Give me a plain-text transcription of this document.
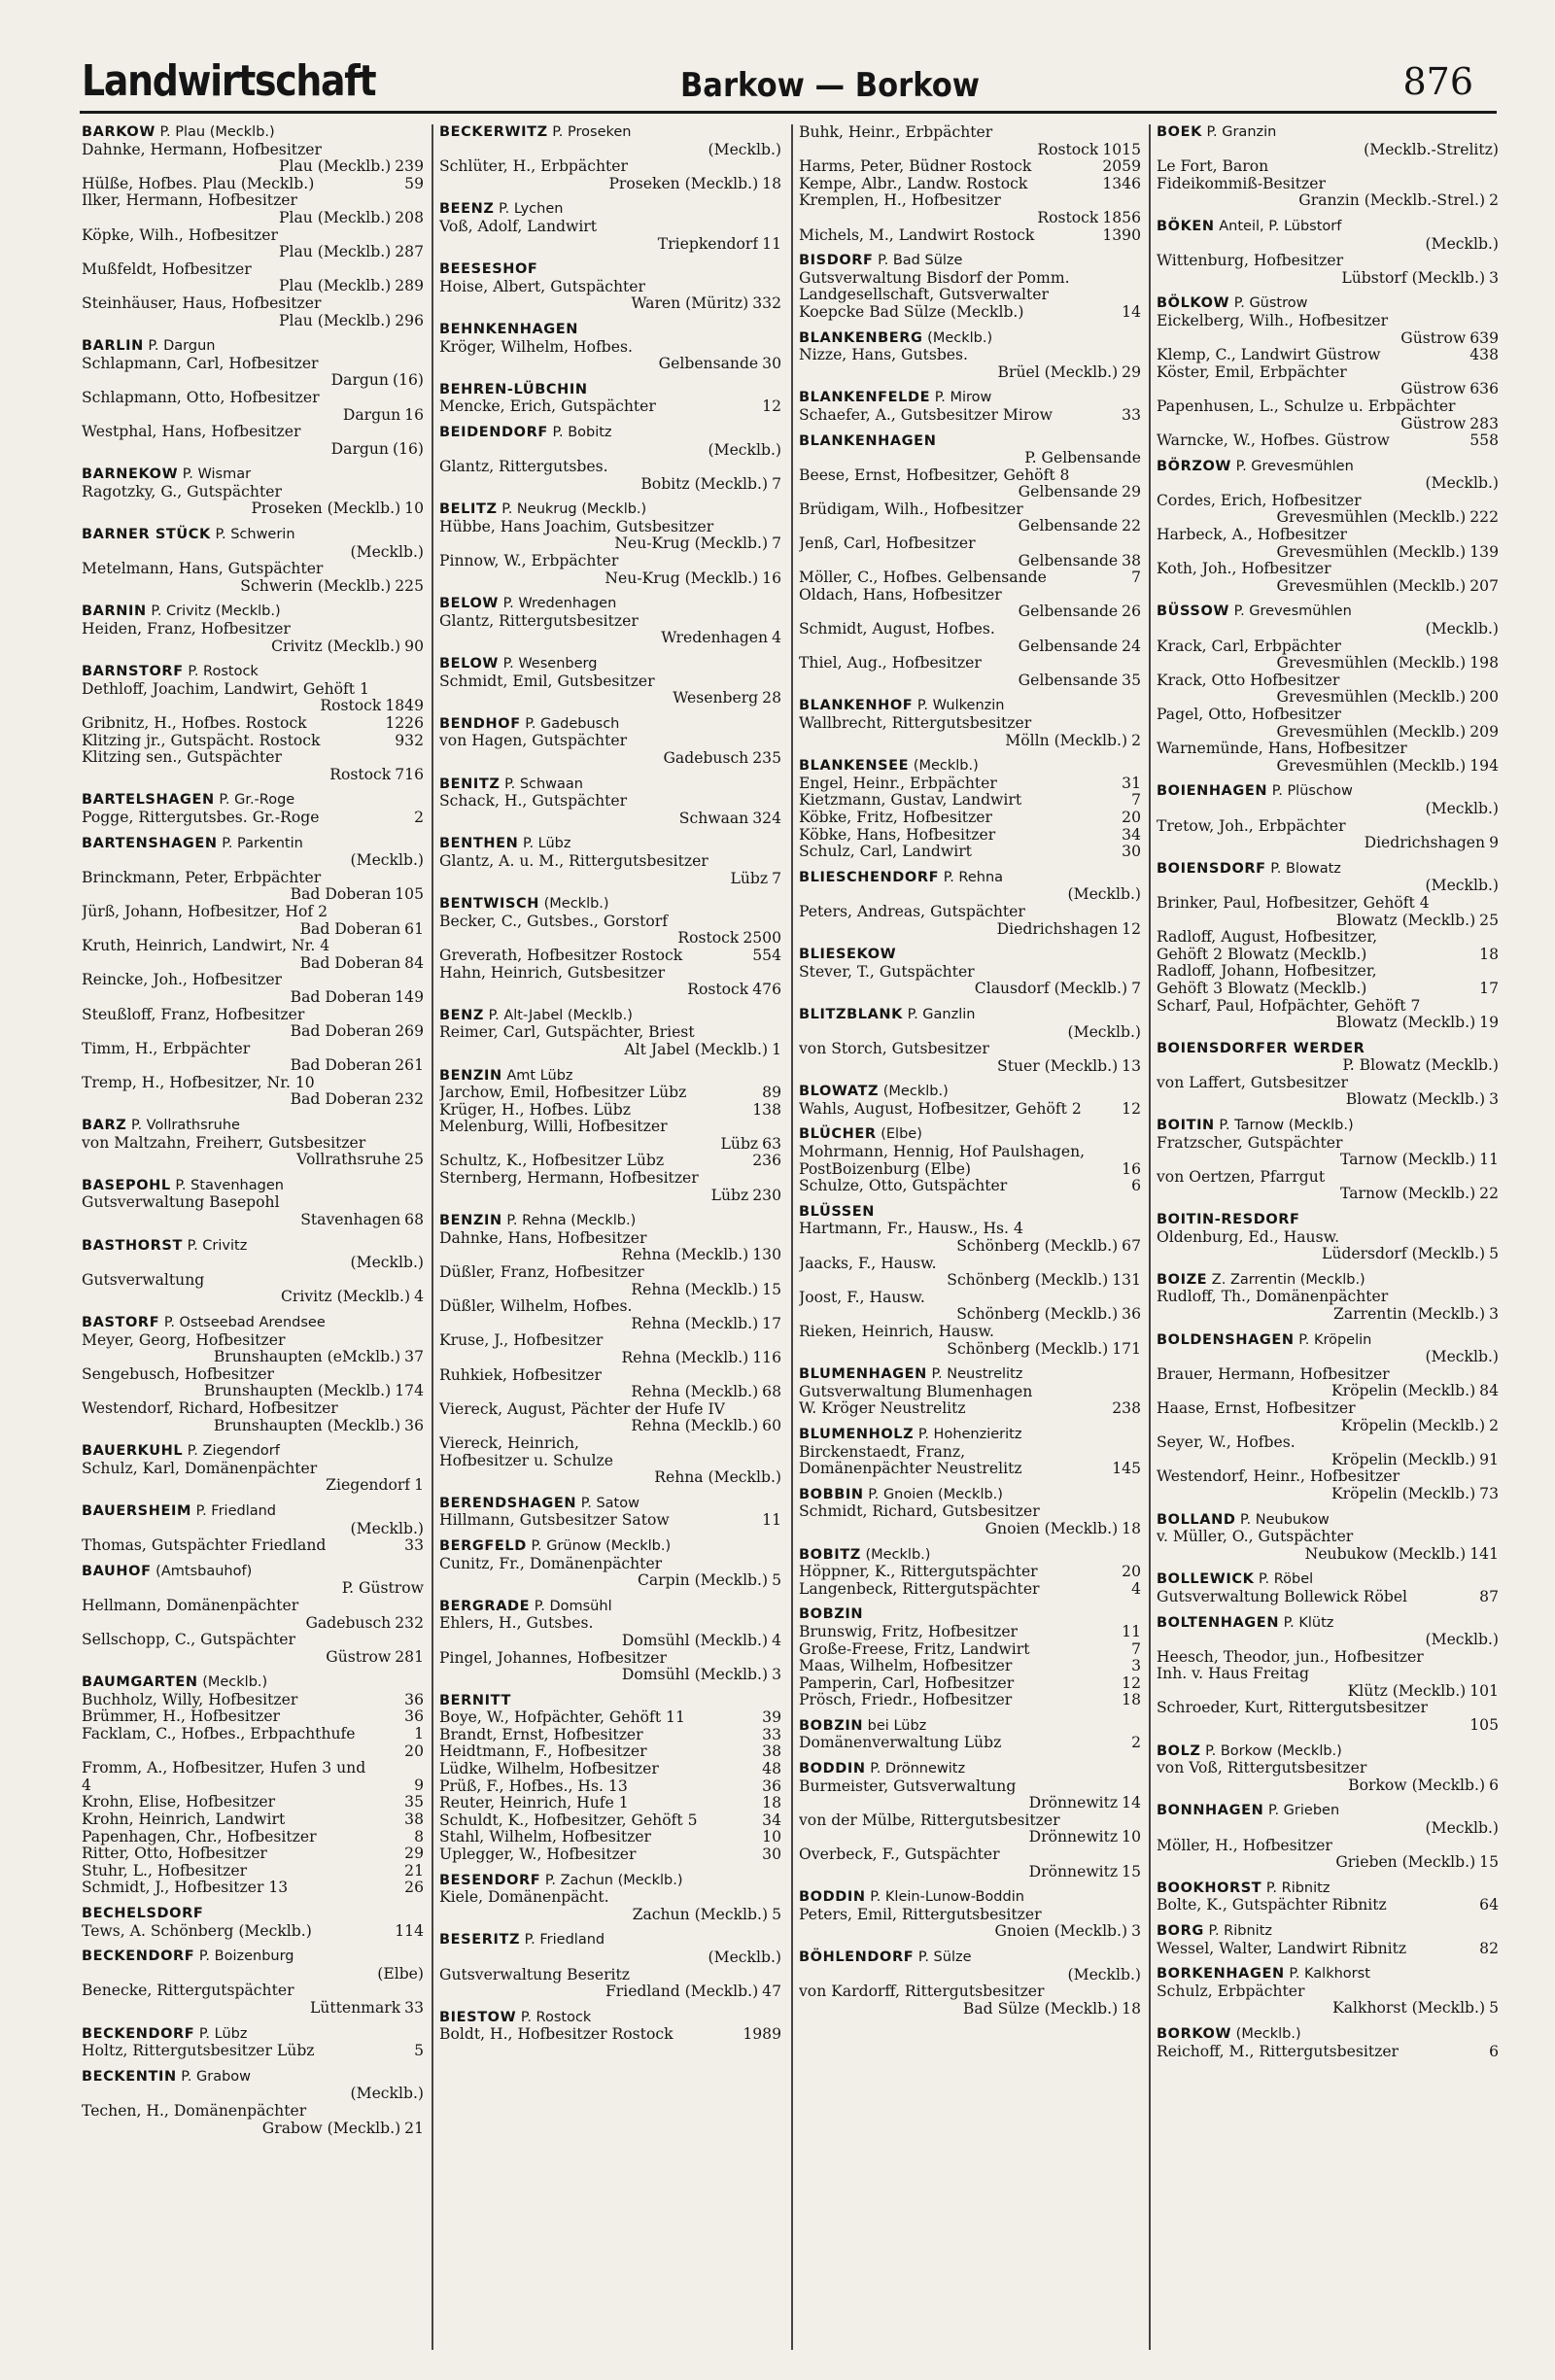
Landwirtschaft	Barkow — Borkow	876
BARKOW P. Plau (Mecklb.)
Dahnke, Hermann, Hofbesitzer
Plau (Mecklb.) 239
Hülße, Hofbes. Plau (Mecklb.)	59
Ilker, Hermann, Hofbesitzer
Plau (Mecklb.) 208
Köpke, Wilh., Hofbesitzer
Plau (Mecklb.) 287
Mußfeldt, Hofbesitzer
Plau (Mecklb.) 289
Steinhäuser, Haus, Hofbesitzer
Plau (Mecklb.) 296
BARLIN P. Dargun
Schlapmann, Carl, Hofbesitzer
Dargun (16)
Schlapmann, Otto, Hofbesitzer
Dargun 16
Westphal, Hans, Hofbesitzer
Dargun (16)
BARNEKOW P. Wismar
Ragotzky, G., Gutspächter
Proseken (Mecklb.) 10
BARNER STÜCK P. Schwerin
(Mecklb.)
Metelmann, Hans, Gutspächter
Schwerin (Mecklb.) 225
BARNIN P. Crivitz (Mecklb.)
Heiden, Franz, Hofbesitzer
Crivitz (Mecklb.) 90
BARNSTORF P. Rostock
Dethloff, Joachim, Landwirt, Gehöft 1
Rostock 1849
Gribnitz, H., Hofbes. Rostock	1226
Klitzing jr., Gutspächt. Rostock	932
Klitzing sen., Gutspächter
Rostock 716
BARTELSHAGEN P. Gr.-Roge
Pogge, Rittergutsbes. Gr.-Roge	2
BARTENSHAGEN P. Parkentin
(Mecklb.)
Brinckmann, Peter, Erbpächter
Bad Doberan 105
Jürß, Johann, Hofbesitzer, Hof 2
Bad Doberan 61
Kruth, Heinrich, Landwirt, Nr. 4
Bad Doberan 84
Reincke, Joh., Hofbesitzer
Bad Doberan 149
Steußloff, Franz, Hofbesitzer
Bad Doberan 269
Timm, H., Erbpächter
Bad Doberan 261
Tremp, H., Hofbesitzer, Nr. 10
Bad Doberan 232
BARZ P. Vollrathsruhe
von Maltzahn, Freiherr, Gutsbesitzer
Vollrathsruhe 25
BASEPOHL P. Stavenhagen
Gutsverwaltung Basepohl
Stavenhagen 68
BASTHORST P. Crivitz
(Mecklb.)
Gutsverwaltung
Crivitz (Mecklb.) 4
BASTORF P. Ostseebad Arendsee
Meyer, Georg, Hofbesitzer
Brunshaupten (eMcklb.) 37
Sengebusch, Hofbesitzer
Brunshaupten (Mecklb.) 174
Westendorf, Richard, Hofbesitzer
Brunshaupten (Mecklb.) 36
BAUERKUHL P. Ziegendorf
Schulz, Karl, Domänenpächter
Ziegendorf 1
BAUERSHEIM P. Friedland
(Mecklb.)
Thomas, Gutspächter Friedland	33
BAUHOF (Amtsbauhof)
P. Güstrow
Hellmann, Domänenpächter
Gadebusch 232
Sellschopp, C., Gutspächter
Güstrow 281
BAUMGARTEN (Mecklb.)
Buchholz, Willy, Hofbesitzer	36
Brümmer, H., Hofbesitzer	36
Facklam, C., Hofbes., Erbpachthufe	1
20
Fromm, A., Hofbesitzer, Hufen 3 und
4	9
Krohn, Elise, Hofbesitzer	35
Krohn, Heinrich, Landwirt	38
Papenhagen, Chr., Hofbesitzer	8
Ritter, Otto, Hofbesitzer	29
Stuhr, L., Hofbesitzer	21
Schmidt, J., Hofbesitzer 13	26
BECHELSDORF
Tews, A. Schönberg (Mecklb.)	114
BECKENDORF P. Boizenburg
(Elbe)
Benecke, Rittergutspächter
Lüttenmark 33
BECKENDORF P. Lübz
Holtz, Rittergutsbesitzer Lübz	5
BECKENTIN P. Grabow
(Mecklb.)
Techen, H., Domänenpächter
Grabow (Mecklb.) 21
BECKERWITZ P. Proseken
(Mecklb.)
Schlüter, H., Erbpächter
Proseken (Mecklb.) 18
BEENZ P. Lychen
Voß, Adolf, Landwirt
Triepkendorf 11
BEESESHOF
Hoise, Albert, Gutspächter
Waren (Müritz) 332
BEHNKENHAGEN
Kröger, Wilhelm, Hofbes.
Gelbensande 30
BEHREN-LÜBCHIN
Mencke, Erich, Gutspächter	12
BEIDENDORF P. Bobitz
(Mecklb.)
Glantz, Rittergutsbes.
Bobitz (Mecklb.) 7
BELITZ P. Neukrug (Mecklb.)
Hübbe, Hans Joachim, Gutsbesitzer
Neu-Krug (Mecklb.) 7
Pinnow, W., Erbpächter
Neu-Krug (Mecklb.) 16
BELOW P. Wredenhagen
Glantz, Rittergutsbesitzer
Wredenhagen 4
BELOW P. Wesenberg
Schmidt, Emil, Gutsbesitzer
Wesenberg 28
BENDHOF P. Gadebusch
von Hagen, Gutspächter
Gadebusch 235
BENITZ P. Schwaan
Schack, H., Gutspächter
Schwaan 324
BENTHEN P. Lübz
Glantz, A. u. M., Rittergutsbesitzer
Lübz 7
BENTWISCH (Mecklb.)
Becker, C., Gutsbes., Gorstorf
Rostock 2500
Greverath, Hofbesitzer Rostock	554
Hahn, Heinrich, Gutsbesitzer
Rostock 476
BENZ P. Alt-Jabel (Mecklb.)
Reimer, Carl, Gutspächter, Briest
Alt Jabel (Mecklb.) 1
BENZIN Amt Lübz
Jarchow, Emil, Hofbesitzer Lübz	89
Krüger, H., Hofbes. Lübz	138
Melenburg, Willi, Hofbesitzer
Lübz 63
Schultz, K., Hofbesitzer Lübz	236
Sternberg, Hermann, Hofbesitzer
Lübz 230
BENZIN P. Rehna (Mecklb.)
Dahnke, Hans, Hofbesitzer
Rehna (Mecklb.) 130
Düßler, Franz, Hofbesitzer
Rehna (Mecklb.) 15
Düßler, Wilhelm, Hofbes.
Rehna (Mecklb.) 17
Kruse, J., Hofbesitzer
Rehna (Mecklb.) 116
Ruhkiek, Hofbesitzer
Rehna (Mecklb.) 68
Viereck, August, Pächter der Hufe IV
Rehna (Mecklb.) 60
Viereck, Heinrich,
Hofbesitzer u. Schulze
Rehna (Mecklb.)
BERENDSHAGEN P. Satow
Hillmann, Gutsbesitzer Satow	11
BERGFELD P. Grünow (Mecklb.)
Cunitz, Fr., Domänenpächter
Carpin (Mecklb.) 5
BERGRADE P. Domsühl
Ehlers, H., Gutsbes.
Domsühl (Mecklb.) 4
Pingel, Johannes, Hofbesitzer
Domsühl (Mecklb.) 3
BERNITT
Boye, W., Hofpächter, Gehöft 11	39
Brandt, Ernst, Hofbesitzer	33
Heidtmann, F., Hofbesitzer	38
Lüdke, Wilhelm, Hofbesitzer	48
Prüß, F., Hofbes., Hs. 13	36
Reuter, Heinrich, Hufe 1	18
Schuldt, K., Hofbesitzer, Gehöft 5	34
Stahl, Wilhelm, Hofbesitzer	10
Uplegger, W., Hofbesitzer	30
BESENDORF P. Zachun (Mecklb.)
Kiele, Domänenpächt.
Zachun (Mecklb.) 5
BESERITZ P. Friedland
(Mecklb.)
Gutsverwaltung Beseritz
Friedland (Mecklb.) 47
BIESTOW P. Rostock
Boldt, H., Hofbesitzer Rostock	1989
Buhk, Heinr., Erbpächter
Rostock 1015
Harms, Peter, Büdner Rostock	2059
Kempe, Albr., Landw. Rostock	1346
Kremplen, H., Hofbesitzer
Rostock 1856
Michels, M., Landwirt Rostock	1390
BISDORF P. Bad Sülze
Gutsverwaltung Bisdorf der Pomm.
Landgesellschaft, Gutsverwalter
Koepcke Bad Sülze (Mecklb.)	14
BLANKENBERG (Mecklb.)
Nizze, Hans, Gutsbes.
Brüel (Mecklb.) 29
BLANKENFELDE P. Mirow
Schaefer, A., Gutsbesitzer Mirow	33
BLANKENHAGEN
P. Gelbensande
Beese, Ernst, Hofbesitzer, Gehöft 8
Gelbensande 29
Brüdigam, Wilh., Hofbesitzer
Gelbensande 22
Jenß, Carl, Hofbesitzer
Gelbensande 38
Möller, C., Hofbes. Gelbensande	7
Oldach, Hans, Hofbesitzer
Gelbensande 26
Schmidt, August, Hofbes.
Gelbensande 24
Thiel, Aug., Hofbesitzer
Gelbensande 35
BLANKENHOF P. Wulkenzin
Wallbrecht, Rittergutsbesitzer
Mölln (Mecklb.) 2
BLANKENSEE (Mecklb.)
Engel, Heinr., Erbpächter	31
Kietzmann, Gustav, Landwirt	7
Köbke, Fritz, Hofbesitzer	20
Köbke, Hans, Hofbesitzer	34
Schulz, Carl, Landwirt	30
BLIESCHENDORF P. Rehna
(Mecklb.)
Peters, Andreas, Gutspächter
Diedrichshagen 12
BLIESEKOW
Stever, T., Gutspächter
Clausdorf (Mecklb.) 7
BLITZBLANK P. Ganzlin
(Mecklb.)
von Storch, Gutsbesitzer
Stuer (Mecklb.) 13
BLOWATZ (Mecklb.)
Wahls, August, Hofbesitzer, Gehöft 2	12
BLÜCHER (Elbe)
Mohrmann, Hennig, Hof Paulshagen,
PostBoizenburg (Elbe)	16
Schulze, Otto, Gutspächter	6
BLÜSSEN
Hartmann, Fr., Hausw., Hs. 4
Schönberg (Mecklb.) 67
Jaacks, F., Hausw.
Schönberg (Mecklb.) 131
Joost, F., Hausw.
Schönberg (Mecklb.) 36
Rieken, Heinrich, Hausw.
Schönberg (Mecklb.) 171
BLUMENHAGEN P. Neustrelitz
Gutsverwaltung Blumenhagen
W. Kröger Neustrelitz	238
BLUMENHOLZ P. Hohenzieritz
Birckenstaedt, Franz,
Domänenpächter Neustrelitz	145
BOBBIN P. Gnoien (Mecklb.)
Schmidt, Richard, Gutsbesitzer
Gnoien (Mecklb.) 18
BOBITZ (Mecklb.)
Höppner, K., Rittergutspächter	20
Langenbeck, Rittergutspächter	4
BOBZIN
Brunswig, Fritz, Hofbesitzer	11
Große-Freese, Fritz, Landwirt	7
Maas, Wilhelm, Hofbesitzer	3
Pamperin, Carl, Hofbesitzer	12
Prösch, Friedr., Hofbesitzer	18
BOBZIN bei Lübz
Domänenverwaltung Lübz	2
BODDIN P. Drönnewitz
Burmeister, Gutsverwaltung
Drönnewitz 14
von der Mülbe, Rittergutsbesitzer
Drönnewitz 10
Overbeck, F., Gutspächter
Drönnewitz 15
BODDIN P. Klein-Lunow-Boddin
Peters, Emil, Rittergutsbesitzer
Gnoien (Mecklb.) 3
BÖHLENDORF P. Sülze
(Mecklb.)
von Kardorff, Rittergutsbesitzer
Bad Sülze (Mecklb.) 18
BOEK P. Granzin
(Mecklb.-Strelitz)
Le Fort, Baron
Fideikommiß-Besitzer
Granzin (Mecklb.-Strel.) 2
BÖKEN Anteil, P. Lübstorf
(Mecklb.)
Wittenburg, Hofbesitzer
Lübstorf (Mecklb.) 3
BÖLKOW P. Güstrow
Eickelberg, Wilh., Hofbesitzer
Güstrow 639
Klemp, C., Landwirt Güstrow	438
Köster, Emil, Erbpächter
Güstrow 636
Papenhusen, L., Schulze u. Erbpächter
Güstrow 283
Warncke, W., Hofbes. Güstrow	558
BÖRZOW P. Grevesmühlen
(Mecklb.)
Cordes, Erich, Hofbesitzer
Grevesmühlen (Mecklb.) 222
Harbeck, A., Hofbesitzer
Grevesmühlen (Mecklb.) 139
Koth, Joh., Hofbesitzer
Grevesmühlen (Mecklb.) 207
BÜSSOW P. Grevesmühlen
(Mecklb.)
Krack, Carl, Erbpächter
Grevesmühlen (Mecklb.) 198
Krack, Otto Hofbesitzer
Grevesmühlen (Mecklb.) 200
Pagel, Otto, Hofbesitzer
Grevesmühlen (Mecklb.) 209
Warnemünde, Hans, Hofbesitzer
Grevesmühlen (Mecklb.) 194
BOIENHAGEN P. Plüschow
(Mecklb.)
Tretow, Joh., Erbpächter
Diedrichshagen 9
BOIENSDORF P. Blowatz
(Mecklb.)
Brinker, Paul, Hofbesitzer, Gehöft 4
Blowatz (Mecklb.) 25
Radloff, August, Hofbesitzer,
Gehöft 2 Blowatz (Mecklb.)	18
Radloff, Johann, Hofbesitzer,
Gehöft 3 Blowatz (Mecklb.)	17
Scharf, Paul, Hofpächter, Gehöft 7
Blowatz (Mecklb.) 19
BOIENSDORFER WERDER
P. Blowatz (Mecklb.)
von Laffert, Gutsbesitzer
Blowatz (Mecklb.) 3
BOITIN P. Tarnow (Mecklb.)
Fratzscher, Gutspächter
Tarnow (Mecklb.) 11
von Oertzen, Pfarrgut
Tarnow (Mecklb.) 22
BOITIN-RESDORF
Oldenburg, Ed., Hausw.
Lüdersdorf (Mecklb.) 5
BOIZE Z. Zarrentin (Mecklb.)
Rudloff, Th., Domänenpächter
Zarrentin (Mecklb.) 3
BOLDENSHAGEN P. Kröpelin
(Mecklb.)
Brauer, Hermann, Hofbesitzer
Kröpelin (Mecklb.) 84
Haase, Ernst, Hofbesitzer
Kröpelin (Mecklb.) 2
Seyer, W., Hofbes.
Kröpelin (Mecklb.) 91
Westendorf, Heinr., Hofbesitzer
Kröpelin (Mecklb.) 73
BOLLAND P. Neubukow
v. Müller, O., Gutspächter
Neubukow (Mecklb.) 141
BOLLEWICK P. Röbel
Gutsverwaltung Bollewick Röbel	87
BOLTENHAGEN P. Klütz
(Mecklb.)
Heesch, Theodor, jun., Hofbesitzer
Inh. v. Haus Freitag
Klütz (Mecklb.) 101
Schroeder, Kurt, Rittergutsbesitzer
105
BOLZ P. Borkow (Mecklb.)
von Voß, Rittergutsbesitzer
Borkow (Mecklb.) 6
BONNHAGEN P. Grieben
(Mecklb.)
Möller, H., Hofbesitzer
Grieben (Mecklb.) 15
BOOKHORST P. Ribnitz
Bolte, K., Gutspächter Ribnitz	64
BORG P. Ribnitz
Wessel, Walter, Landwirt Ribnitz	82
BORKENHAGEN P. Kalkhorst
Schulz, Erbpächter
Kalkhorst (Mecklb.) 5
BORKOW (Mecklb.)
Reichoff, M., Rittergutsbesitzer	6
